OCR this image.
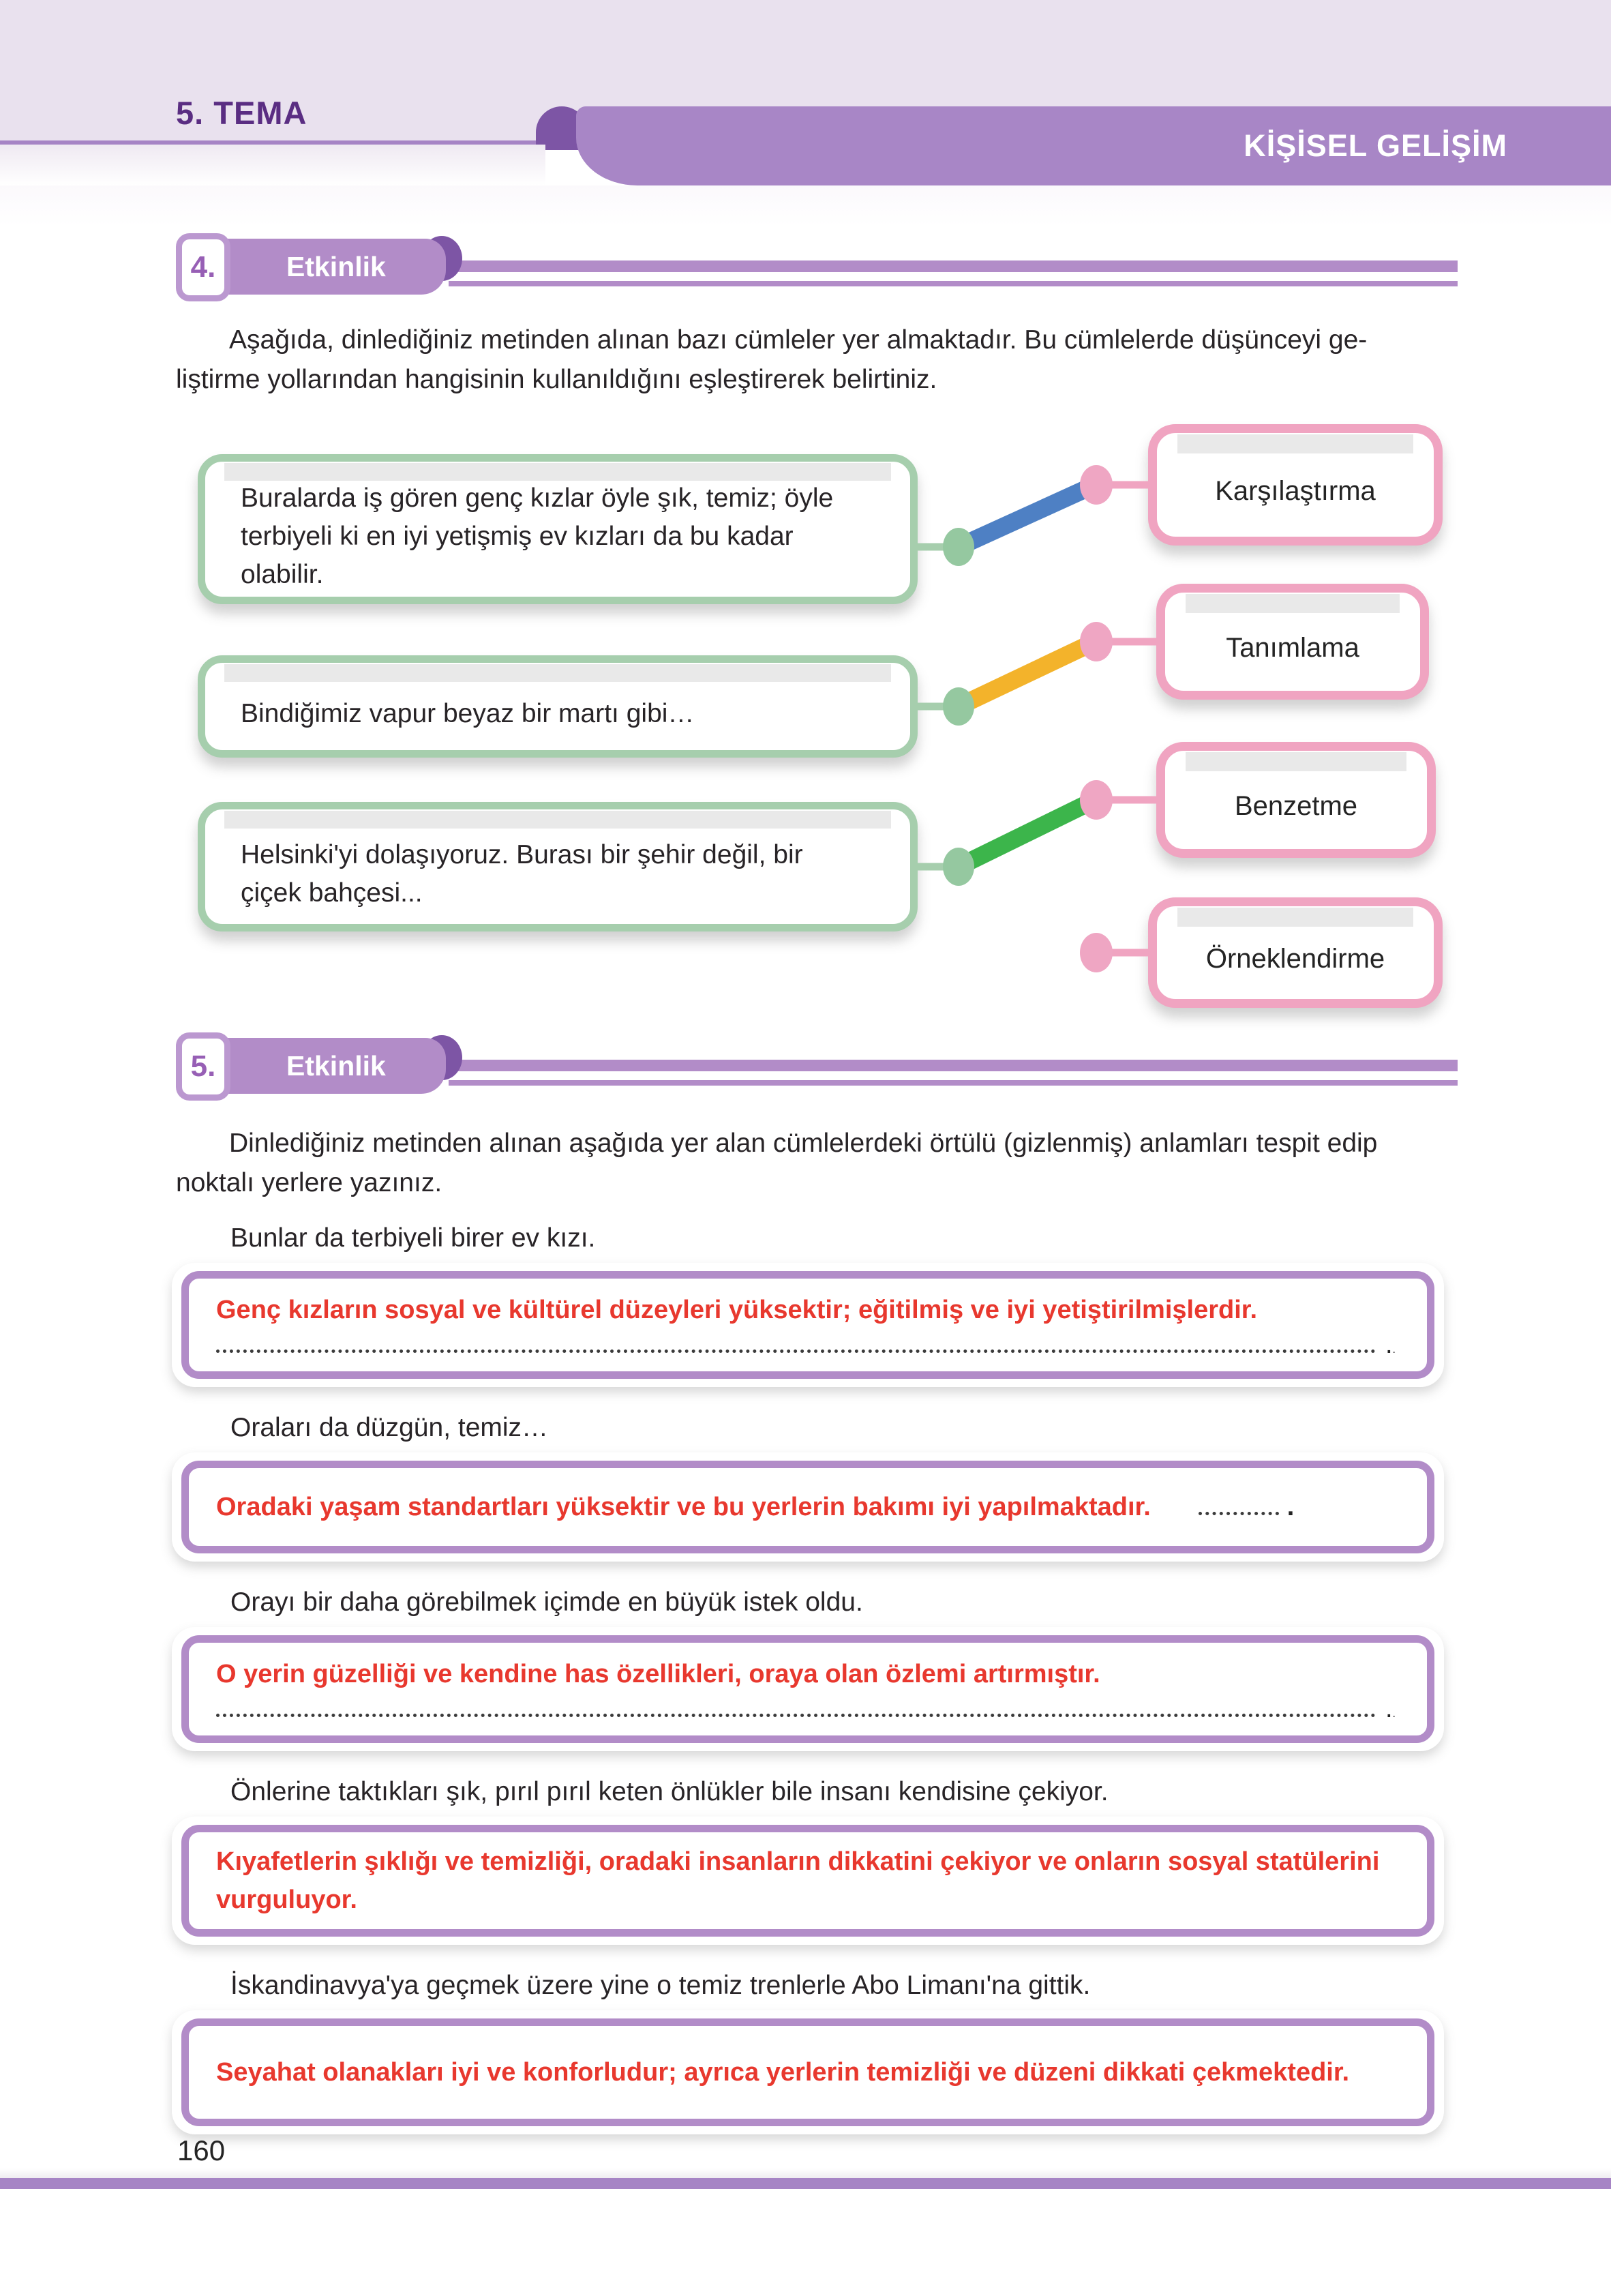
5. TEMA
KİŞİSEL GELİŞİM
4.	Etkinlik
Aşağıda, dinlediğiniz metinden alınan bazı cümleler yer almaktadır. Bu cümlelerde düşünceyi ge-
liştirme yollarından hangisinin kullanıldığını eşleştirerek belirtiniz.
Buralarda iş gören genç kızlar öyle şık, temiz; öyle terbiyeli ki en iyi yetişmiş ev kızları da bu kadar olabilir.
Bindiğimiz vapur beyaz bir martı gibi…
Helsinki'yi dolaşıyoruz. Burası bir şehir değil, bir çiçek bahçesi...
Karşılaştırma
Tanımlama
Benzetme
Örneklendirme
5.	Etkinlik
Dinlediğiniz metinden alınan aşağıda yer alan cümlelerdeki örtülü (gizlenmiş) anlamları tespit edip
noktalı yerlere yazınız.
Bunlar da terbiyeli birer ev kızı.
Genç kızların sosyal ve kültürel düzeyleri yüksektir; eğitilmiş ve iyi yetiştirilmişlerdir.
.
.
Oraları da düzgün, temiz…
Oradaki yaşam standartları yüksektir ve bu yerlerin bakımı iyi yapılmaktadır.	.
Orayı bir daha görebilmek içimde en büyük istek oldu.
O yerin güzelliği ve kendine has özellikleri, oraya olan özlemi artırmıştır.
.
.
Önlerine taktıkları şık, pırıl pırıl keten önlükler bile insanı kendisine çekiyor.
Kıyafetlerin şıklığı ve temizliği, oradaki insanların dikkatini çekiyor ve onların sosyal statülerini vurguluyor.
İskandinavya'ya geçmek üzere yine o temiz trenlerle Abo Limanı'na gittik.
Seyahat olanakları iyi ve konforludur; ayrıca yerlerin temizliği ve düzeni dikkati çekmektedir.
160
